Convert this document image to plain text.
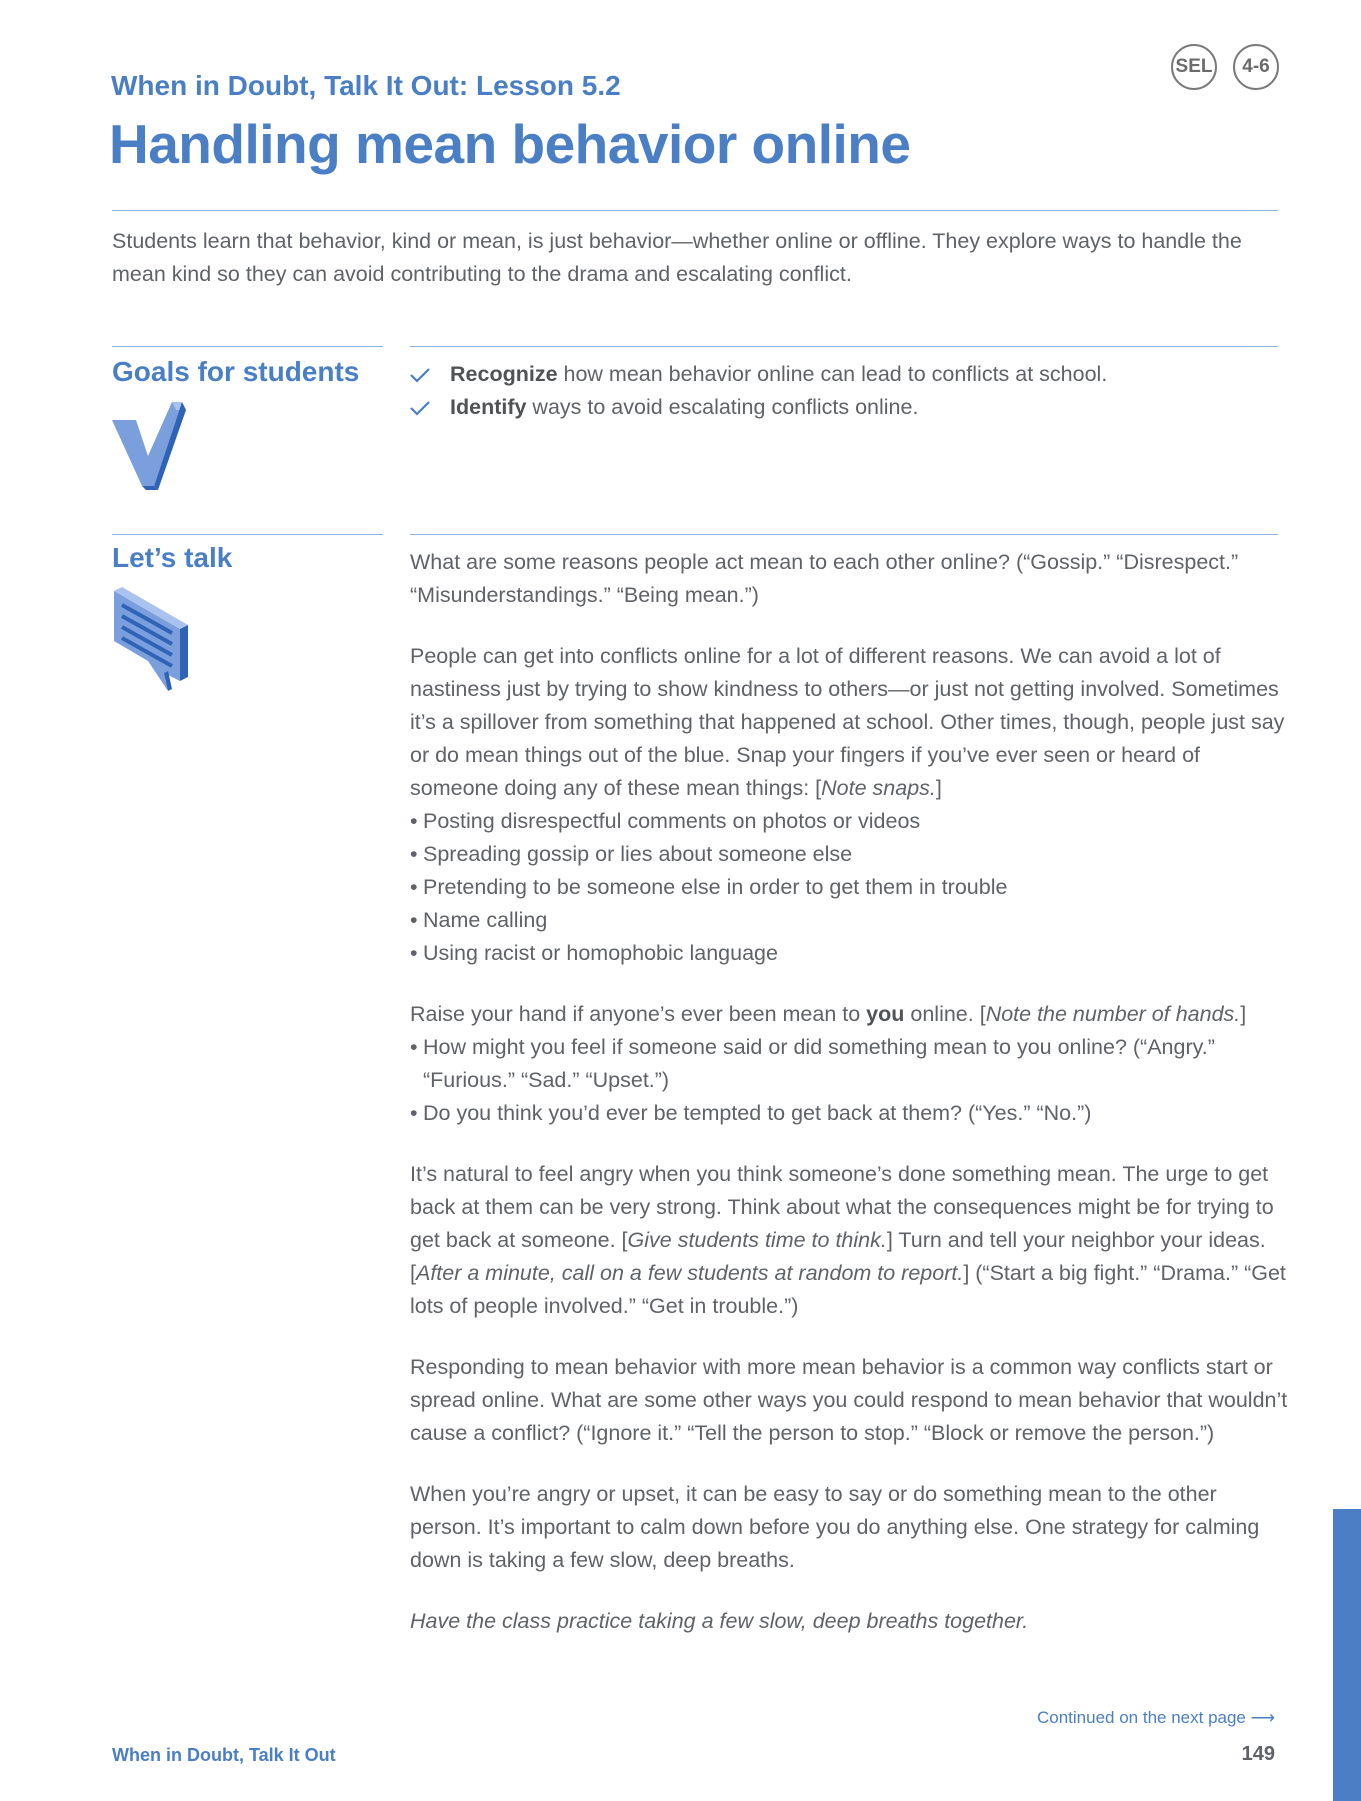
SEL	4-6
When in Doubt, Talk It Out: Lesson 5.2
Handling mean behavior online
Students learn that behavior, kind or mean, is just behavior—whether online or offline. They explore ways to handle the mean kind so they can avoid contributing to the drama and escalating conflict.
Goals for students	Recognize how mean behavior online can lead to conflicts at school.
Identify ways to avoid escalating conflicts online.
Let’s talk	What are some reasons people act mean to each other online? (“Gossip.” “Disrespect.” “Misunderstandings.” “Being mean.”)

People can get into conflicts online for a lot of different reasons. We can avoid a lot of nastiness just by trying to show kindness to others—or just not getting involved. Sometimes it’s a spillover from something that happened at school. Other times, though, people just say or do mean things out of the blue. Snap your fingers if you’ve ever seen or heard of someone doing any of these mean things: [Note snaps.]
• Posting disrespectful comments on photos or videos
• Spreading gossip or lies about someone else
• Pretending to be someone else in order to get them in trouble
• Name calling
• Using racist or homophobic language
Raise your hand if anyone’s ever been mean to you online. [Note the number of hands.]
• How might you feel if someone said or did something mean to you online? (“Angry.” “Furious.” “Sad.” “Upset.”)
• Do you think you’d ever be tempted to get back at them? (“Yes.” “No.”)

It’s natural to feel angry when you think someone’s done something mean. The urge to get back at them can be very strong. Think about what the consequences might be for trying to get back at someone. [Give students time to think.] Turn and tell your neighbor your ideas. [After a minute, call on a few students at random to report.] (“Start a big fight.” “Drama.” “Get lots of people involved.” “Get in trouble.”)

Responding to mean behavior with more mean behavior is a common way conflicts start or spread online. What are some other ways you could respond to mean behavior that wouldn’t cause a conflict? (“Ignore it.” “Tell the person to stop.” “Block or remove the person.”)

When you’re angry or upset, it can be easy to say or do something mean to the other person. It’s important to calm down before you do anything else. One strategy for calming down is taking a few slow, deep breaths.

Have the class practice taking a few slow, deep breaths together.

Continued on the next page ⟶
When in Doubt, Talk It Out	149
